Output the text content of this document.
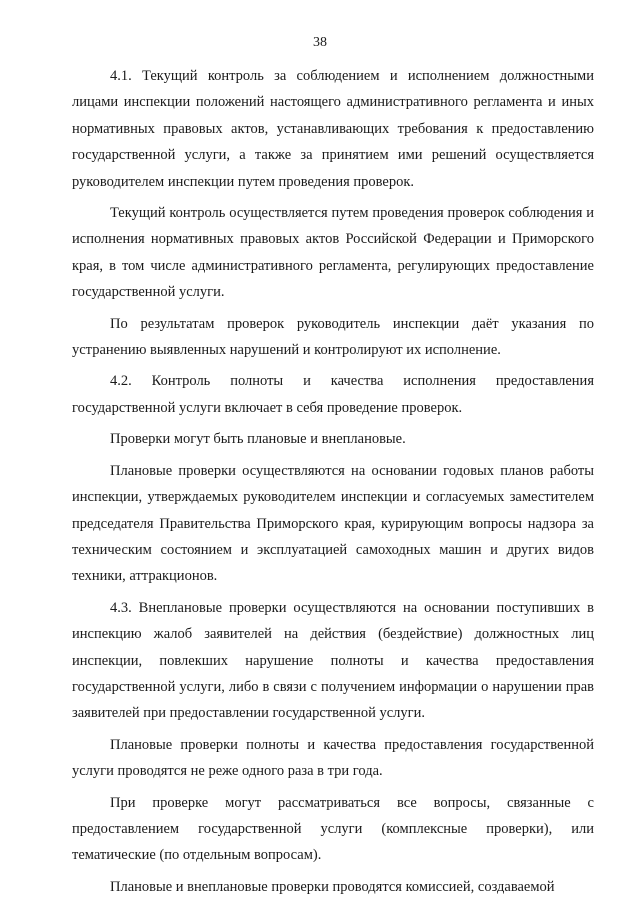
38

4.1. Текущий контроль за соблюдением и исполнением должностными лицами инспекции положений настоящего административного регламента и иных нормативных правовых актов, устанавливающих требования к предоставлению государственной услуги, а также за принятием ими решений осуществляется руководителем инспекции путем проведения проверок.

Текущий контроль осуществляется путем проведения проверок соблюдения и исполнения нормативных правовых актов Российской Федерации и Приморского края, в том числе административного регламента, регулирующих предоставление государственной услуги.

По результатам проверок руководитель инспекции даёт указания по устранению выявленных нарушений и контролируют их исполнение.

4.2. Контроль полноты и качества исполнения предоставления государственной услуги включает в себя проведение проверок.

Проверки могут быть плановые и внеплановые.

Плановые проверки осуществляются на основании годовых планов работы инспекции, утверждаемых руководителем инспекции и согласуемых заместителем председателя Правительства Приморского края, курирующим вопросы надзора за техническим состоянием и эксплуатацией самоходных машин и других видов техники, аттракционов.

4.3. Внеплановые проверки осуществляются на основании поступивших в инспекцию жалоб заявителей на действия (бездействие) должностных лиц инспекции, повлекших нарушение полноты и качества предоставления государственной услуги, либо в связи с получением информации о нарушении прав заявителей при предоставлении государственной услуги.

Плановые проверки полноты и качества предоставления государственной услуги проводятся не реже одного раза в три года.

При проверке могут рассматриваться все вопросы, связанные с предоставлением государственной услуги (комплексные проверки), или тематические (по отдельным вопросам).

Плановые и внеплановые проверки проводятся комиссией, создаваемой
